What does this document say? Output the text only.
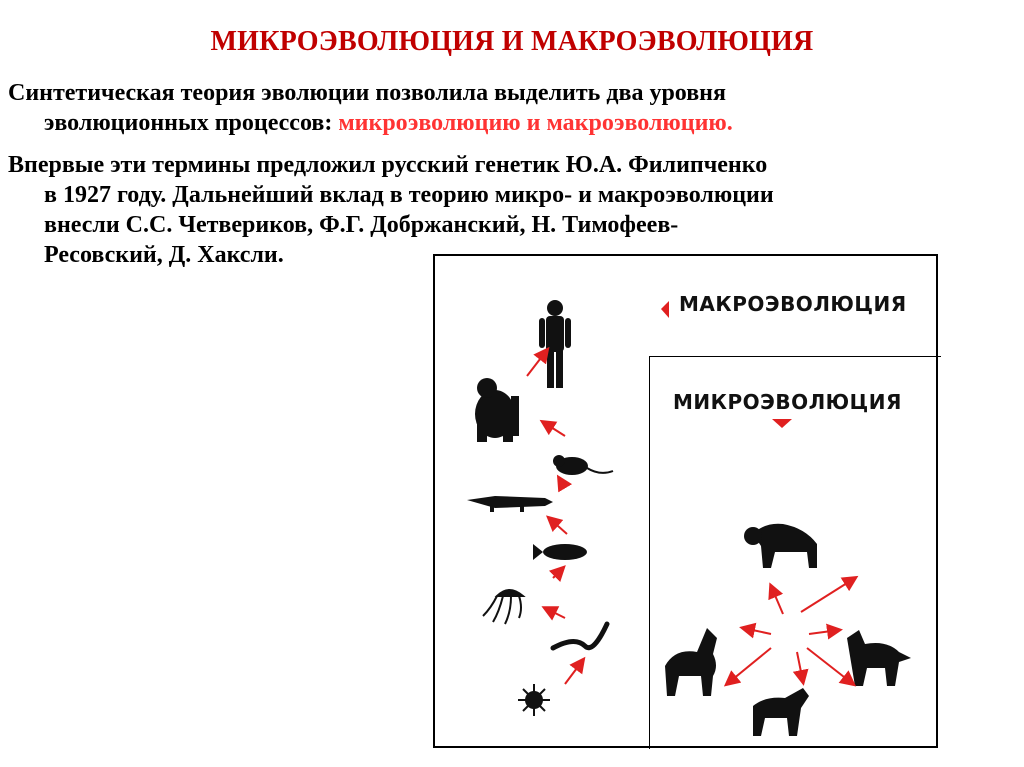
МИКРОЭВОЛЮЦИЯ И МАКРОЭВОЛЮЦИЯ
Синтетическая теория эволюции позволила выделить два уровня
эволюционных процессов: микроэволюцию и макроэволюцию.
Впервые эти термины предложил русский генетик Ю.А. Филипченко
в 1927 году. Дальнейший вклад в теорию микро- и макроэволюции
внесли С.С. Четвериков, Ф.Г. Добржанский, Н. Тимофеев-
Ресовский, Д. Хаксли.
МАКРОЭВОЛЮЦИЯ
МИКРОЭВОЛЮЦИЯ
